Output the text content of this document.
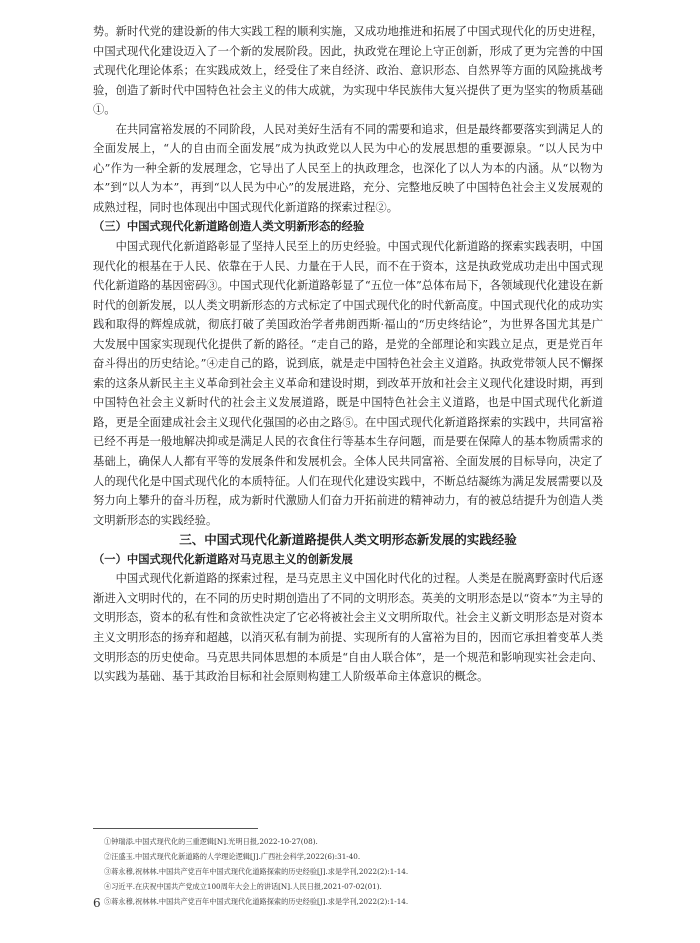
势。新时代党的建设新的伟大实践工程的顺利实施，又成功地推进和拓展了中国式现代化的历史进程，中国式现代化建设迈入了一个新的发展阶段。因此，执政党在理论上守正创新，形成了更为完善的中国式现代化理论体系；在实践成效上，经受住了来自经济、政治、意识形态、自然界等方面的风险挑战考验，创造了新时代中国特色社会主义的伟大成就，为实现中华民族伟大复兴提供了更为坚实的物质基础①。

在共同富裕发展的不同阶段，人民对美好生活有不同的需要和追求，但是最终都要落实到满足人的全面发展上，“人的自由而全面发展”成为执政党以人民为中心的发展思想的重要源泉。“以人民为中心”作为一种全新的发展理念，它导出了人民至上的执政理念，也深化了以人为本的内涵。从“以物为本”到“以人为本”，再到“以人民为中心”的发展进路，充分、完整地反映了中国特色社会主义发展观的成熟过程，同时也体现出中国式现代化新道路的探索过程②。

（三）中国式现代化新道路创造人类文明新形态的经验

中国式现代化新道路彰显了坚持人民至上的历史经验。中国式现代化新道路的探索实践表明，中国现代化的根基在于人民、依靠在于人民、力量在于人民，而不在于资本，这是执政党成功走出中国式现代化新道路的基因密码③。中国式现代化新道路彰显了“五位一体”总体布局下，各领域现代化建设在新时代的创新发展，以人类文明新形态的方式标定了中国式现代化的时代新高度。中国式现代化的成功实践和取得的辉煌成就，彻底打破了美国政治学者弗朗西斯·福山的“历史终结论”，为世界各国尤其是广大发展中国家实现现代化提供了新的路径。“走自己的路，是党的全部理论和实践立足点，更是党百年奋斗得出的历史结论。”④走自己的路，说到底，就是走中国特色社会主义道路。执政党带领人民不懈探索的这条从新民主主义革命到社会主义革命和建设时期，到改革开放和社会主义现代化建设时期，再到中国特色社会主义新时代的社会主义发展道路，既是中国特色社会主义道路，也是中国式现代化新道路，更是全面建成社会主义现代化强国的必由之路⑤。在中国式现代化新道路探索的实践中，共同富裕已经不再是一般地解决抑或是满足人民的衣食住行等基本生存问题，而是要在保障人的基本物质需求的基础上，确保人人都有平等的发展条件和发展机会。全体人民共同富裕、全面发展的目标导向，决定了人的现代化是中国式现代化的本质特征。人们在现代化建设实践中，不断总结凝练为满足发展需要以及努力向上攀升的奋斗历程，成为新时代激励人们奋力开拓前进的精神动力，有的被总结提升为创造人类文明新形态的实践经验。

三、中国式现代化新道路提供人类文明形态新发展的实践经验

（一）中国式现代化新道路对马克思主义的创新发展

中国式现代化新道路的探索过程，是马克思主义中国化时代化的过程。人类是在脱离野蛮时代后逐渐进入文明时代的，在不同的历史时期创造出了不同的文明形态。英美的文明形态是以“资本”为主导的文明形态，资本的私有性和贪欲性决定了它必将被社会主义文明所取代。社会主义新文明形态是对资本主义文明形态的扬弃和超越，以消灭私有制为前提、实现所有的人富裕为目的，因而它承担着变革人类文明形态的历史使命。马克思共同体思想的本质是“自由人联合体”，是一个规范和影响现实社会走向、以实践为基础、基于其政治目标和社会原则构建工人阶级革命主体意识的概念。

①钟瑞添.中国式现代化的三重逻辑[N].光明日报,2022-10-27(08).
②汪盛玉.中国式现代化新道路的人学理论逻辑[J].广西社会科学,2022(6):31-40.
③蒋永穆,祝林林.中国共产党百年中国式现代化道路探索的历史经验[J].求是学刊,2022(2):1-14.
④习近平.在庆祝中国共产党成立100周年大会上的讲话[N].人民日报,2021-07-02(01).
⑤蒋永穆,祝林林.中国共产党百年中国式现代化道路探索的历史经验[J].求是学刊,2022(2):1-14.
6
